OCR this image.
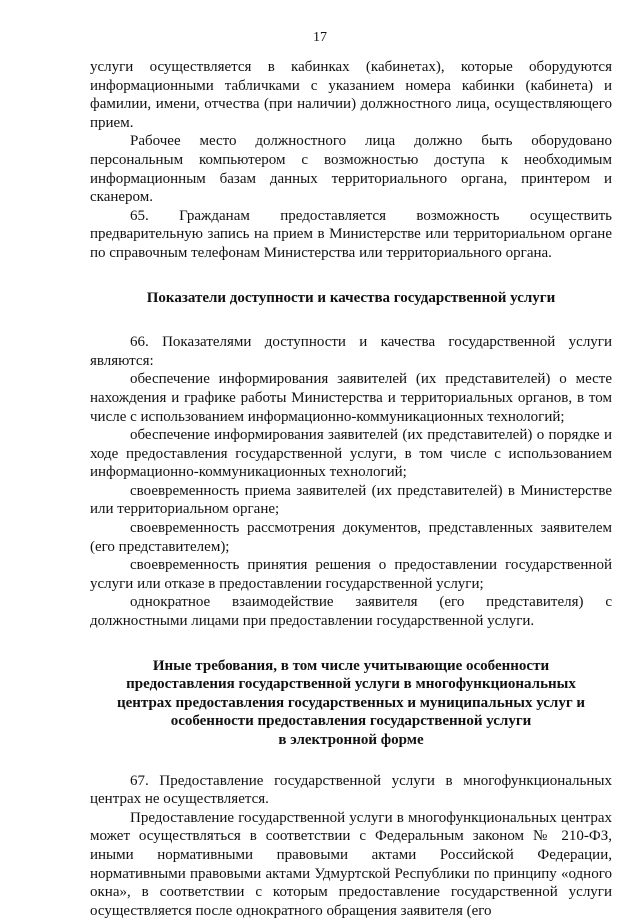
17

услуги осуществляется в кабинках (кабинетах), которые оборудуются информационными табличками с указанием номера кабинки (кабинета) и фамилии, имени, отчества (при наличии) должностного лица, осуществляющего прием.

Рабочее место должностного лица должно быть оборудовано персональным компьютером с возможностью доступа к необходимым информационным базам данных территориального органа, принтером и сканером.

65. Гражданам предоставляется возможность осуществить предварительную запись на прием в Министерстве или территориальном органе по справочным телефонам Министерства или территориального органа.

Показатели доступности и качества государственной услуги

66. Показателями доступности и качества государственной услуги являются:

обеспечение информирования заявителей (их представителей) о месте нахождения и графике работы Министерства и территориальных органов, в том числе с использованием информационно-коммуникационных технологий;

обеспечение информирования заявителей (их представителей) о порядке и ходе предоставления государственной услуги, в том числе с использованием информационно-коммуникационных технологий;

своевременность приема заявителей (их представителей) в Министерстве или территориальном органе;

своевременность рассмотрения документов, представленных заявителем (его представителем);

своевременность принятия решения о предоставлении государственной услуги или отказе в предоставлении государственной услуги;

однократное взаимодействие заявителя (его представителя) с должностными лицами при предоставлении государственной услуги.

Иные требования, в том числе учитывающие особенности
предоставления государственной услуги в многофункциональных
центрах предоставления государственных и муниципальных услуг и
особенности предоставления государственной услуги
в электронной форме

67. Предоставление государственной услуги в многофункциональных центрах не осуществляется.

Предоставление государственной услуги в многофункциональных центрах может осуществляться в соответствии с Федеральным законом № 210-ФЗ, иными нормативными правовыми актами Российской Федерации, нормативными правовыми актами Удмуртской Республики по принципу «одного окна», в соответствии с которым предоставление государственной услуги осуществляется после однократного обращения заявителя (его
